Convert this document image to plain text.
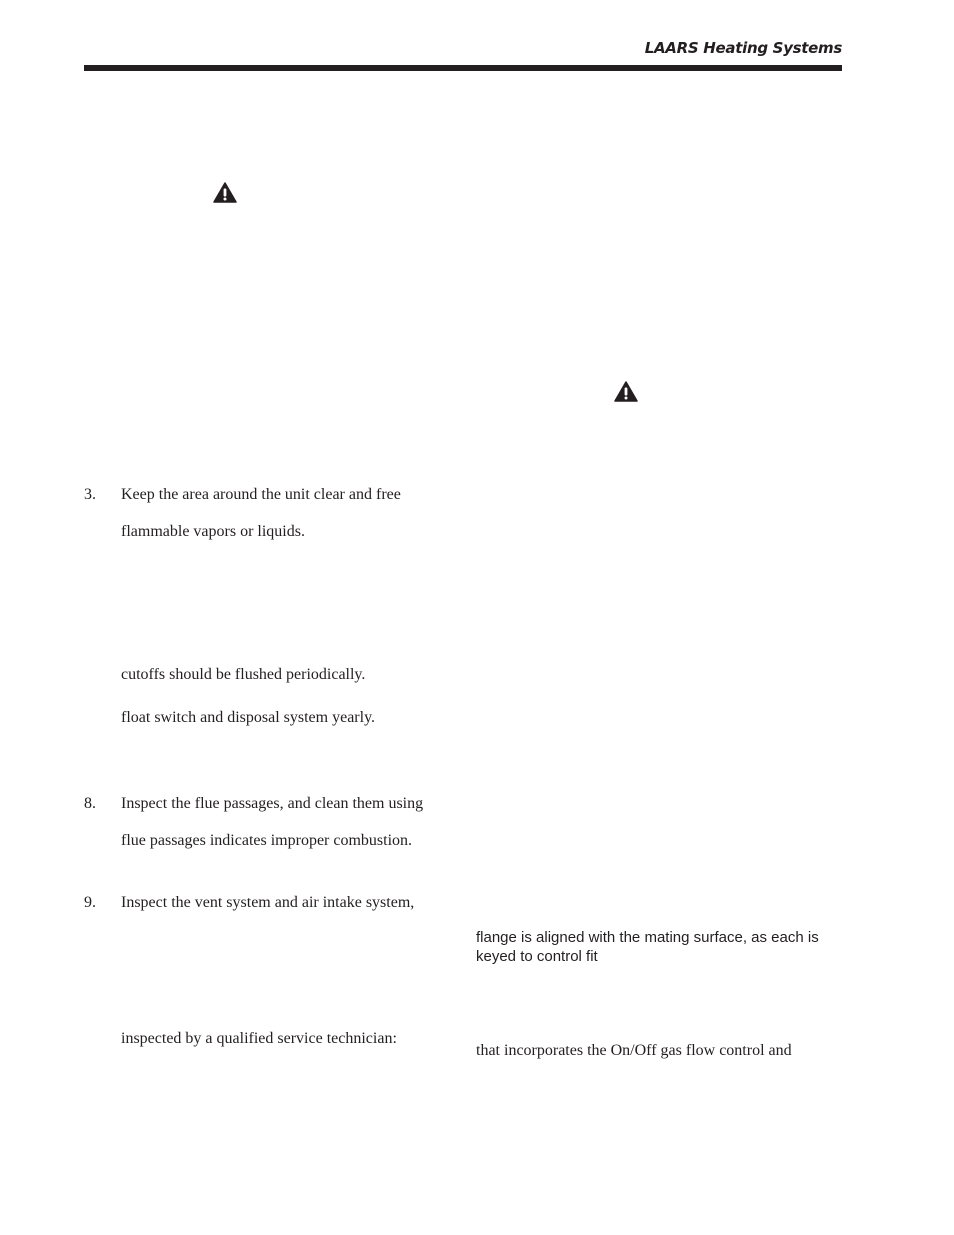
LAARS Heating Systems
3. Keep the area around the unit clear and free
flammable vapors or liquids.
cutoffs should be flushed periodically.
float switch and disposal system yearly.
8. Inspect the flue passages, and clean them using
flue passages indicates improper combustion.
9. Inspect the vent system and air intake system,
inspected by a qualified service technician:
flange is aligned with the mating surface, as each is
keyed to control fit
that incorporates the On/Off gas flow control and
